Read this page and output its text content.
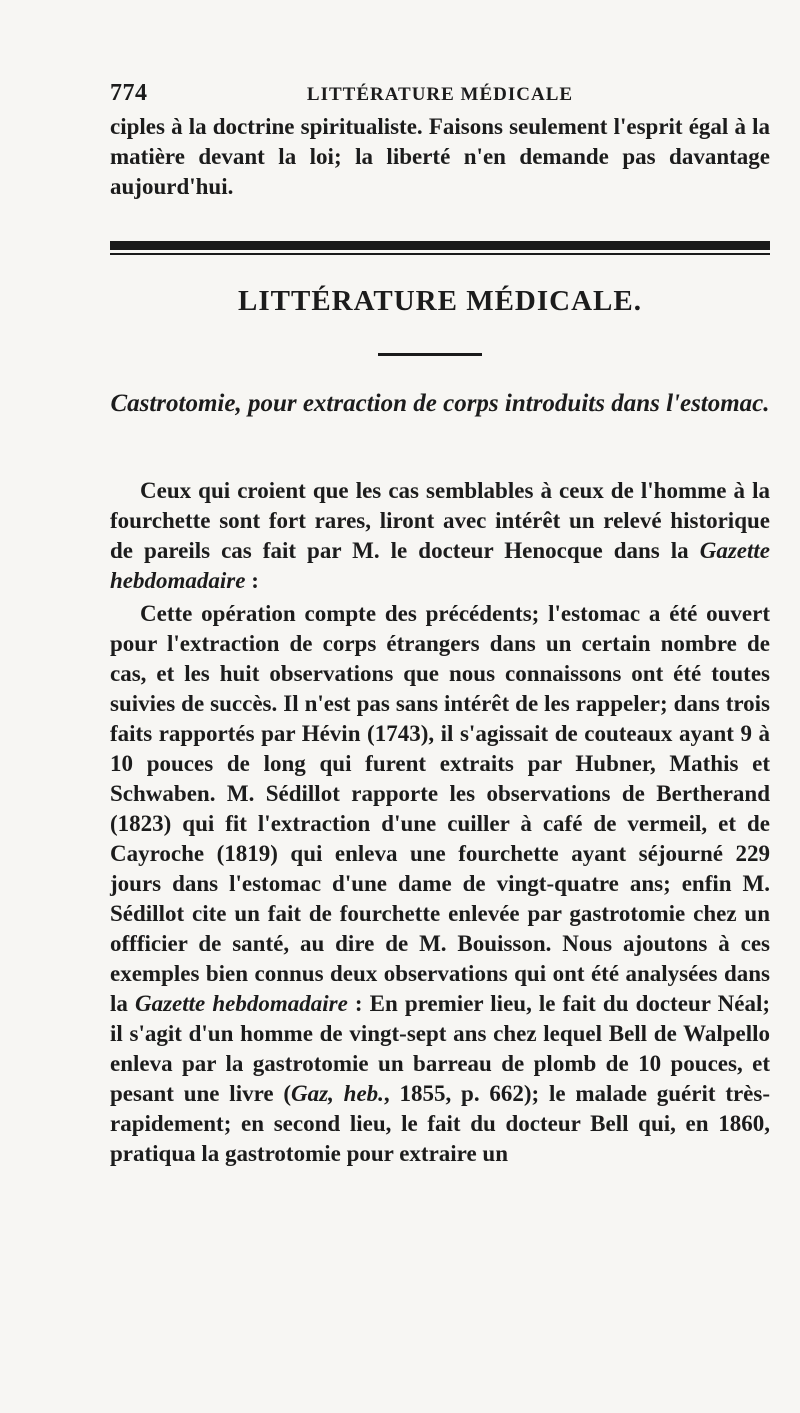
774	LITTÉRATURE MÉDICALE

ciples à la doctrine spiritualiste. Faisons seulement l'esprit égal à la matière devant la loi; la liberté n'en demande pas davantage aujourd'hui.

LITTÉRATURE MÉDICALE.
Castrotomie, pour extraction de corps introduits dans l'estomac.

Ceux qui croient que les cas semblables à ceux de l'homme à la fourchette sont fort rares, liront avec intérêt un relevé historique de pareils cas fait par M. le docteur Henocque dans la Gazette hebdomadaire :

Cette opération compte des précédents; l'estomac a été ouvert pour l'extraction de corps étrangers dans un certain nombre de cas, et les huit observations que nous connaissons ont été toutes suivies de succès. Il n'est pas sans intérêt de les rappeler; dans trois faits rapportés par Hévin (1743), il s'agissait de couteaux ayant 9 à 10 pouces de long qui furent extraits par Hubner, Mathis et Schwaben. M. Sédillot rapporte les observations de Bertherand (1823) qui fit l'extraction d'une cuiller à café de vermeil, et de Cayroche (1819) qui enleva une fourchette ayant séjourné 229 jours dans l'estomac d'une dame de vingt-quatre ans; enfin M. Sédillot cite un fait de fourchette enlevée par gastrotomie chez un offficier de santé, au dire de M. Bouisson. Nous ajoutons à ces exemples bien connus deux observations qui ont été analysées dans la Gazette hebdomadaire : En premier lieu, le fait du docteur Néal; il s'agit d'un homme de vingt-sept ans chez lequel Bell de Walpello enleva par la gastrotomie un barreau de plomb de 10 pouces, et pesant une livre (Gaz, heb., 1855, p. 662); le malade guérit très-rapidement; en second lieu, le fait du docteur Bell qui, en 1860, pratiqua la gastrotomie pour extraire un
